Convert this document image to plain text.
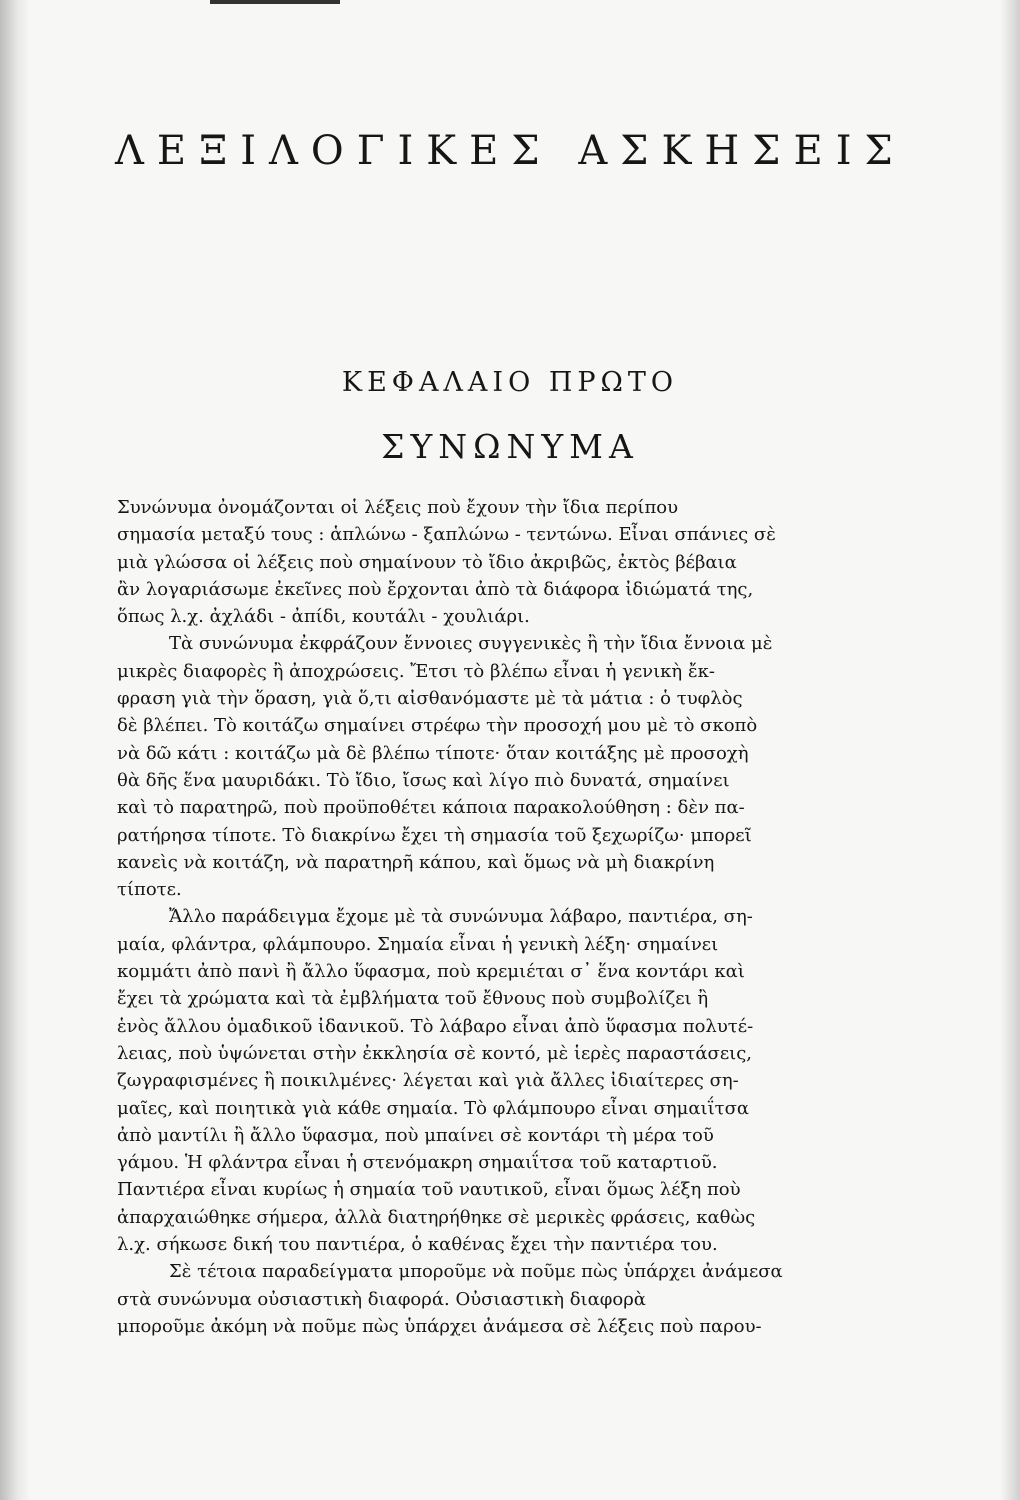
ΛΕΞΙΛΟΓΙΚΕΣ ΑΣΚΗΣΕΙΣ
ΚΕΦΑΛΑΙΟ ΠΡΩΤΟ
ΣΥΝΩΝΥΜΑ
Συνώνυμα ὀνομάζονται οἱ λέξεις ποὺ ἔχουν τὴν ἴδια περίπου
σημασία μεταξύ τους : ἁπλώνω - ξαπλώνω - τεντώνω. Εἶναι σπάνιες σὲ
μιὰ γλώσσα οἱ λέξεις ποὺ σημαίνουν τὸ ἴδιο ἀκριβῶς, ἐκτὸς βέβαια
ἂν λογαριάσωμε ἐκεῖνες ποὺ ἔρχονται ἀπὸ τὰ διάφορα ἰδιώματά της,
ὅπως λ.χ. ἀχλάδι - ἀπίδι, κουτάλι - χουλιάρι.
Τὰ συνώνυμα ἐκφράζουν ἔννοιες συγγενικὲς ἢ τὴν ἴδια ἔννοια μὲ
μικρὲς διαφορὲς ἢ ἀποχρώσεις. Ἔτσι τὸ βλέπω εἶναι ἡ γενικὴ ἔκ-
φραση γιὰ τὴν ὅραση, γιὰ ὅ,τι αἰσθανόμαστε μὲ τὰ μάτια : ὁ τυφλὸς
δὲ βλέπει. Τὸ κοιτάζω σημαίνει στρέφω τὴν προσοχή μου μὲ τὸ σκοπὸ
νὰ δῶ κάτι : κοιτάζω μὰ δὲ βλέπω τίποτε· ὅταν κοιτάξης μὲ προσοχὴ
θὰ δῆς ἕνα μαυριδάκι. Τὸ ἴδιο, ἴσως καὶ λίγο πιὸ δυνατά, σημαίνει
καὶ τὸ παρατηρῶ, ποὺ προϋποθέτει κάποια παρακολούθηση : δὲν πα-
ρατήρησα τίποτε. Τὸ διακρίνω ἔχει τὴ σημασία τοῦ ξεχωρίζω· μπορεῖ
κανεὶς νὰ κοιτάζη, νὰ παρατηρῆ κάπου, καὶ ὅμως νὰ μὴ διακρίνη
τίποτε.
Ἄλλο παράδειγμα ἔχομε μὲ τὰ συνώνυμα λάβαρο, παντιέρα, ση-
μαία, φλάντρα, φλάμπουρο. Σημαία εἶναι ἡ γενικὴ λέξη· σημαίνει
κομμάτι ἀπὸ πανὶ ἢ ἄλλο ὕφασμα, ποὺ κρεμιέται σ᾽ ἕνα κοντάρι καὶ
ἔχει τὰ χρώματα καὶ τὰ ἐμβλήματα τοῦ ἔθνους ποὺ συμβολίζει ἢ
ἑνὸς ἄλλου ὁμαδικοῦ ἰδανικοῦ. Τὸ λάβαρο εἶναι ἀπὸ ὕφασμα πολυτέ-
λειας, ποὺ ὑψώνεται στὴν ἐκκλησία σὲ κοντό, μὲ ἱερὲς παραστάσεις,
ζωγραφισμένες ἢ ποικιλμένες· λέγεται καὶ γιὰ ἄλλες ἰδιαίτερες ση-
μαῖες, καὶ ποιητικὰ γιὰ κάθε σημαία. Τὸ φλάμπουρο εἶναι σημαιΐτσα
ἀπὸ μαντίλι ἢ ἄλλο ὕφασμα, ποὺ μπαίνει σὲ κοντάρι τὴ μέρα τοῦ
γάμου. Ἡ φλάντρα εἶναι ἡ στενόμακρη σημαιΐτσα τοῦ καταρτιοῦ.
Παντιέρα εἶναι κυρίως ἡ σημαία τοῦ ναυτικοῦ, εἶναι ὅμως λέξη ποὺ
ἀπαρχαιώθηκε σήμερα, ἀλλὰ διατηρήθηκε σὲ μερικὲς φράσεις, καθὼς
λ.χ. σήκωσε δική του παντιέρα, ὁ καθένας ἔχει τὴν παντιέρα του.
Σὲ τέτοια παραδείγματα μποροῦμε νὰ ποῦμε πὼς ὑπάρχει ἀνάμεσα
στὰ συνώνυμα οὐσιαστικὴ διαφορά. Οὐσιαστικὴ διαφορὰ
μποροῦμε ἀκόμη νὰ ποῦμε πὼς ὑπάρχει ἀνάμεσα σὲ λέξεις ποὺ παρου-
